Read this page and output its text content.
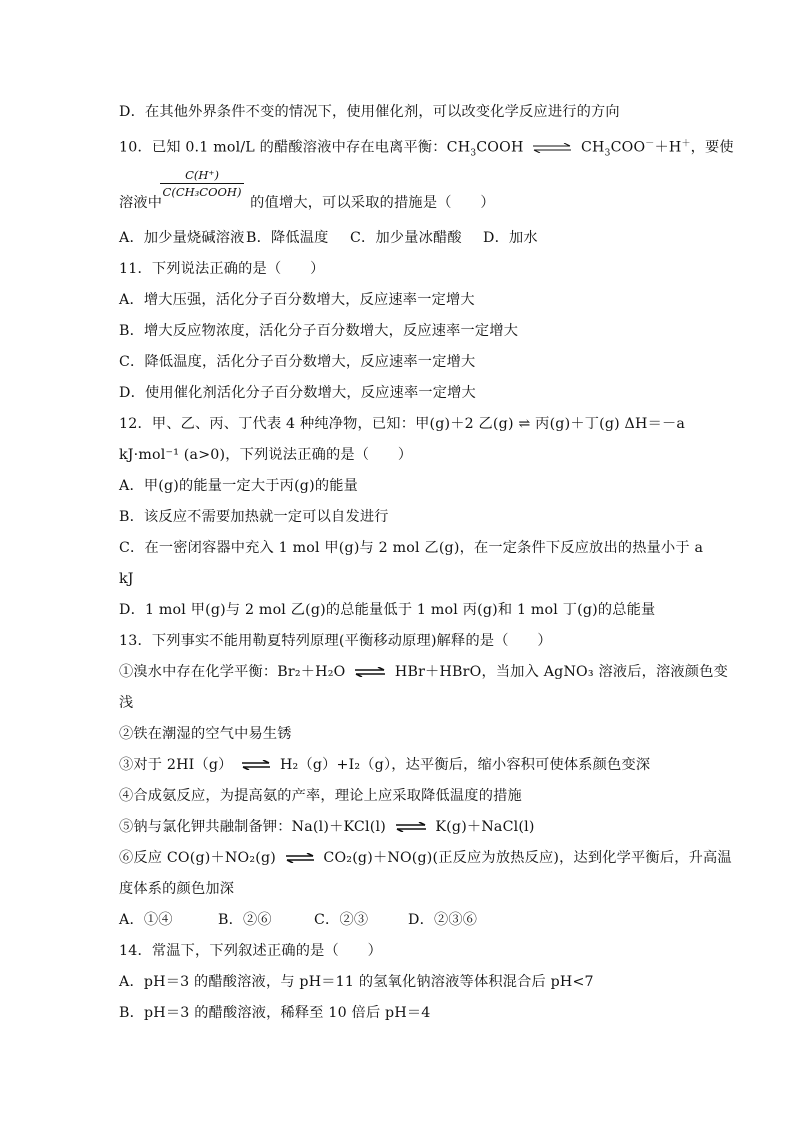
D．在其他外界条件不变的情况下，使用催化剂，可以改变化学反应进行的方向
10．已知 0.1 mol/L 的醋酸溶液中存在电离平衡：$CH_3COOH$ ⇌ $CH_3COO^-+H^+$，要使
C(H⁺)
C(CH₃COOH)
溶液中	的值增大，可以采取的措施是（　　）
A．加少量烧碱溶液B．降低温度 C．加少量冰醋酸 D．加水
11．下列说法正确的是（　　）
A．增大压强，活化分子百分数增大，反应速率一定增大
B．增大反应物浓度，活化分子百分数增大，反应速率一定增大
C．降低温度，活化分子百分数增大，反应速率一定增大
D．使用催化剂活化分子百分数增大，反应速率一定增大
12．甲、乙、丙、丁代表 4 种纯净物，已知：甲(g)＋2 乙(g) ⇌ 丙(g)＋丁(g) ΔH＝－a
kJ·mol⁻¹ (a>0)，下列说法正确的是（　　）
A．甲(g)的能量一定大于丙(g)的能量
B．该反应不需要加热就一定可以自发进行
C．在一密闭容器中充入 1 mol 甲(g)与 2 mol 乙(g)，在一定条件下反应放出的热量小于 a
kJ
D．1 mol 甲(g)与 2 mol 乙(g)的总能量低于 1 mol 丙(g)和 1 mol 丁(g)的总能量
13．下列事实不能用勒夏特列原理(平衡移动原理)解释的是（　　）
①溴水中存在化学平衡：Br₂＋H₂O ⇌ HBr＋HBrO，当加入 AgNO₃ 溶液后，溶液颜色变
浅
②铁在潮湿的空气中易生锈
③对于 2HI（g） ⇌ H₂（g）+I₂（g），达平衡后，缩小容积可使体系颜色变深
④合成氨反应，为提高氨的产率，理论上应采取降低温度的措施
⑤钠与氯化钾共融制备钾：Na(l)＋KCl(l) ⇌ K(g)＋NaCl(l)
⑥反应 CO(g)＋NO₂(g) ⇌ CO₂(g)＋NO(g)(正反应为放热反应)，达到化学平衡后，升高温
度体系的颜色加深
A．①④	B．②⑥	C．②③	D．②③⑥
14．常温下，下列叙述正确的是（　　）
A．pH＝3 的醋酸溶液，与 pH＝11 的氢氧化钠溶液等体积混合后 pH<7
B．pH＝3 的醋酸溶液，稀释至 10 倍后 pH＝4
